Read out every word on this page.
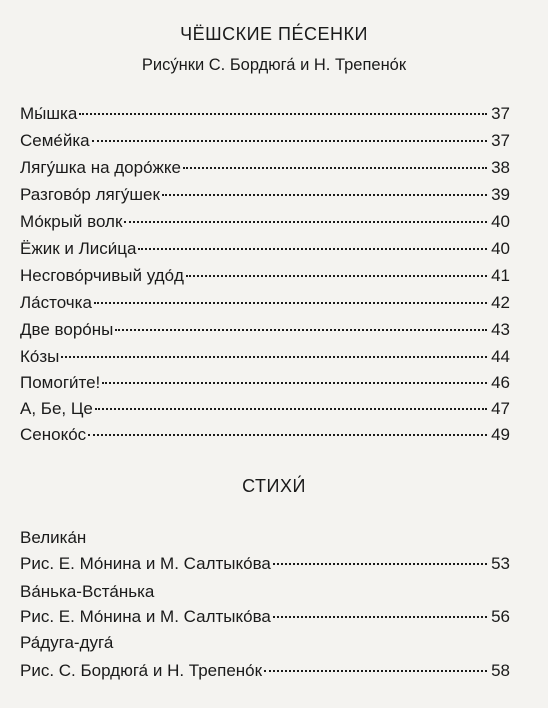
ЧЁШСКИЕ ПЕ́СЕНКИ
Рису́нки С. Бордюга́ и Н. Трепено́к
Мы́шка	37
Семе́йка	37
Лягу́шка на доро́жке	38
Разгово́р лягу́шек	39
Мо́крый волк	40
Ёжик и Лиси́ца	40
Несгово́рчивый удо́д	41
Ла́сточка	42
Две воро́ны	43
Ко́зы	44
Помоги́те!	46
А, Бе, Це	47
Сеноко́с	49
СТИХИ́
Велика́н
Рис. Е. Мо́нина и М. Салтыко́ва	53
Ва́нька-Вста́нька
Рис. Е. Мо́нина и М. Салтыко́ва	56
Ра́дуга-дуга́
Рис. С. Бордюга́ и Н. Трепено́к	58
